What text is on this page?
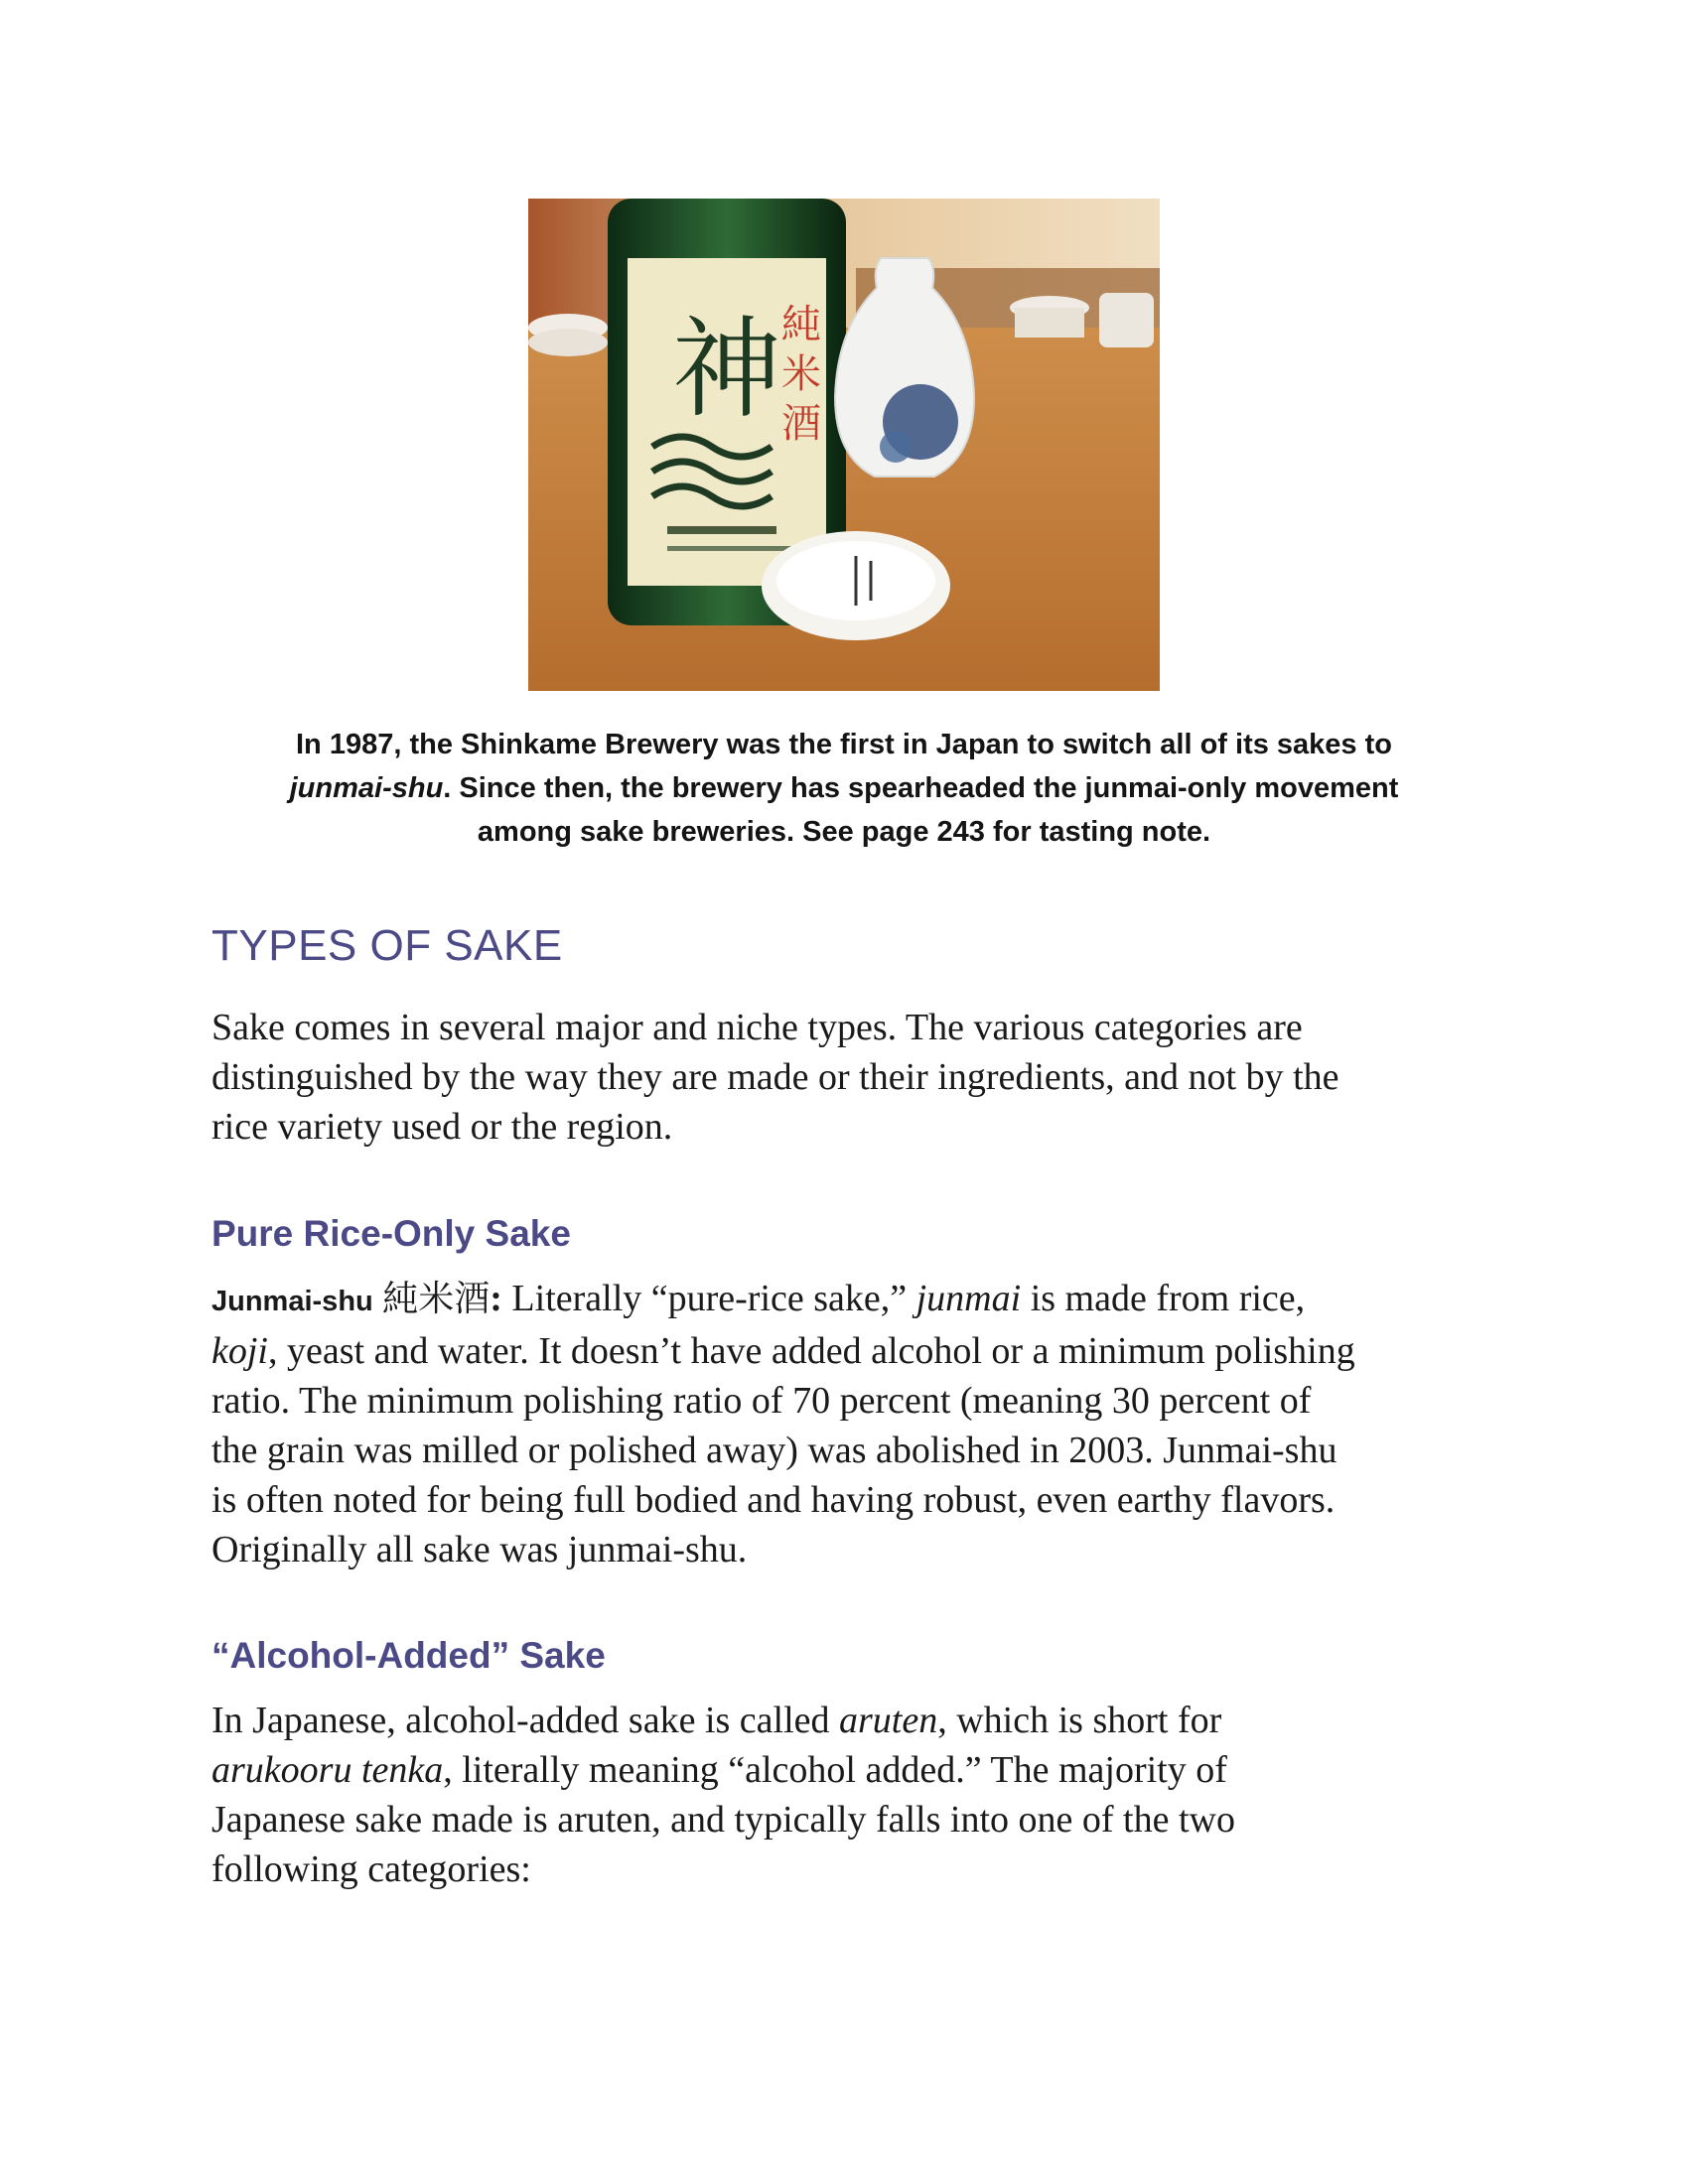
神 純
米
酒

In 1987, the Shinkame Brewery was the first in Japan to switch all of its sakes to

junmai-shu. Since then, the brewery has spearheaded the junmai-only movement

among sake breweries. See page 243 for tasting note.

TYPES OF SAKE
Sake comes in several major and niche types. The various categories are
distinguished by the way they are made or their ingredients, and not by the
rice variety used or the region.
Pure Rice-Only Sake
Junmai-shu 純米酒: Literally “pure-rice sake,” junmai is made from rice,
koji, yeast and water. It doesn’t have added alcohol or a minimum polishing
ratio. The minimum polishing ratio of 70 percent (meaning 30 percent of
the grain was milled or polished away) was abolished in 2003. Junmai-shu
is often noted for being full bodied and having robust, even earthy flavors.
Originally all sake was junmai-shu.
“Alcohol-Added” Sake
In Japanese, alcohol-added sake is called aruten, which is short for
arukooru tenka, literally meaning “alcohol added.” The majority of
Japanese sake made is aruten, and typically falls into one of the two
following categories:
